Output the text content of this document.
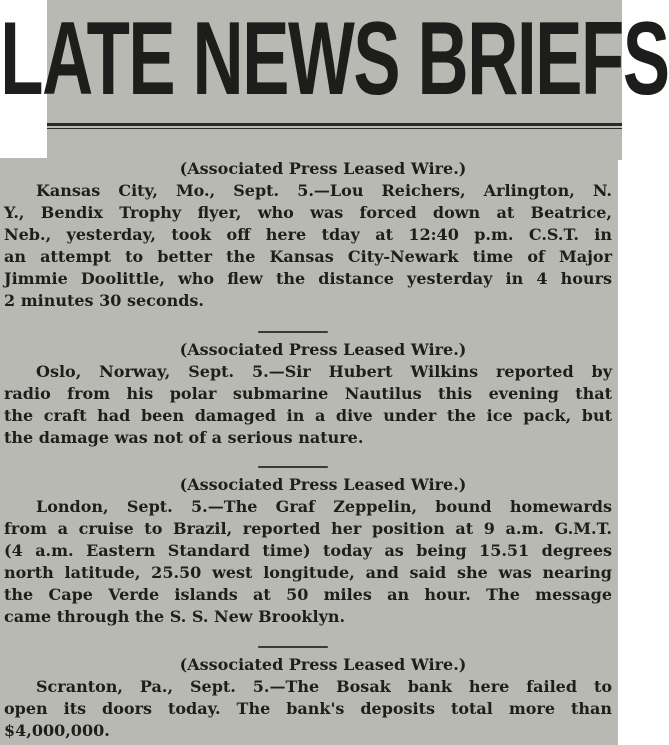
LATE NEWS BRIEFS

(Associated Press Leased Wire.)

Kansas City, Mo., Sept. 5.—Lou Reichers, Arlington, N.

Y., Bendix Trophy flyer, who was forced down at Beatrice,

Neb., yesterday, took off here tday at 12:40 p.m. C.S.T. in

an attempt to better the Kansas City-Newark time of Major

Jimmie Doolittle, who flew the distance yesterday in 4 hours

2 minutes 30 seconds.

(Associated Press Leased Wire.)

Oslo, Norway, Sept. 5.—Sir Hubert Wilkins reported by

radio from his polar submarine Nautilus this evening that

the craft had been damaged in a dive under the ice pack, but

the damage was not of a serious nature.

(Associated Press Leased Wire.)

London, Sept. 5.—The Graf Zeppelin, bound homewards

from a cruise to Brazil, reported her position at 9 a.m. G.M.T.

(4 a.m. Eastern Standard time) today as being 15.51 degrees

north latitude, 25.50 west longitude, and said she was nearing

the Cape Verde islands at 50 miles an hour. The message

came through the S. S. New Brooklyn.

(Associated Press Leased Wire.)

Scranton, Pa., Sept. 5.—The Bosak bank here failed to

open its doors today. The bank's deposits total more than

$4,000,000.
